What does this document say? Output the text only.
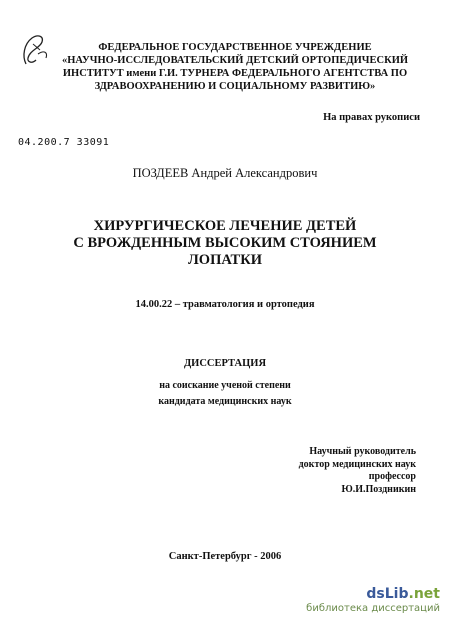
ФЕДЕРАЛЬНОЕ ГОСУДАРСТВЕННОЕ УЧРЕЖДЕНИЕ
«НАУЧНО-ИССЛЕДОВАТЕЛЬСКИЙ ДЕТСКИЙ ОРТОПЕДИЧЕСКИЙ
ИНСТИТУТ имени Г.И. ТУРНЕРА ФЕДЕРАЛЬНОГО АГЕНТСТВА ПО
ЗДРАВООХРАНЕНИЮ И СОЦИАЛЬНОМУ РАЗВИТИЮ»
На правах рукописи
04.200.7 33091
ПОЗДЕЕВ Андрей Александрович
ХИРУРГИЧЕСКОЕ ЛЕЧЕНИЕ ДЕТЕЙ
С ВРОЖДЕННЫМ ВЫСОКИМ СТОЯНИЕМ
ЛОПАТКИ
14.00.22 – травматология и ортопедия
ДИССЕРТАЦИЯ
на соискание ученой степени
кандидата медицинских наук
Научный руководитель
доктор медицинских наук
профессор
Ю.И.Поздникин
Санкт-Петербург - 2006
dsLib.net
библиотека диссертаций
